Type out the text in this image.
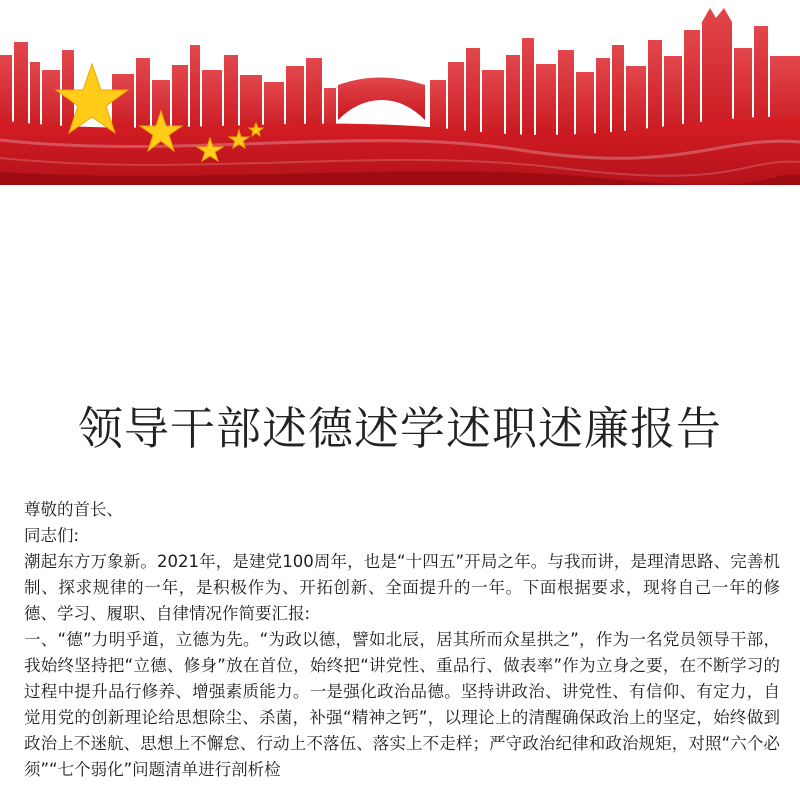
领导干部述德述学述职述廉报告

尊敬的首长、

同志们:

潮起东方万象新。2021年，是建党100周年，也是“十四五”开局之年。与我而讲，是理清思路、完善机制、探求规律的一年，是积极作为、开拓创新、全面提升的一年。下面根据要求，现将自己一年的修德、学习、履职、自律情况作简要汇报:

一、“德”力明乎道，立德为先。“为政以德，譬如北辰，居其所而众星拱之”，作为一名党员领导干部，我始终坚持把“立德、修身”放在首位，始终把“讲党性、重品行、做表率”作为立身之要，在不断学习的过程中提升品行修养、增强素质能力。一是强化政治品德。坚持讲政治、讲党性、有信仰、有定力，自觉用党的创新理论给思想除尘、杀菌，补强“精神之钙”，以理论上的清醒确保政治上的坚定，始终做到政治上不迷航、思想上不懈怠、行动上不落伍、落实上不走样；严守政治纪律和政治规矩，对照“六个必须”“七个弱化”问题清单进行剖析检
